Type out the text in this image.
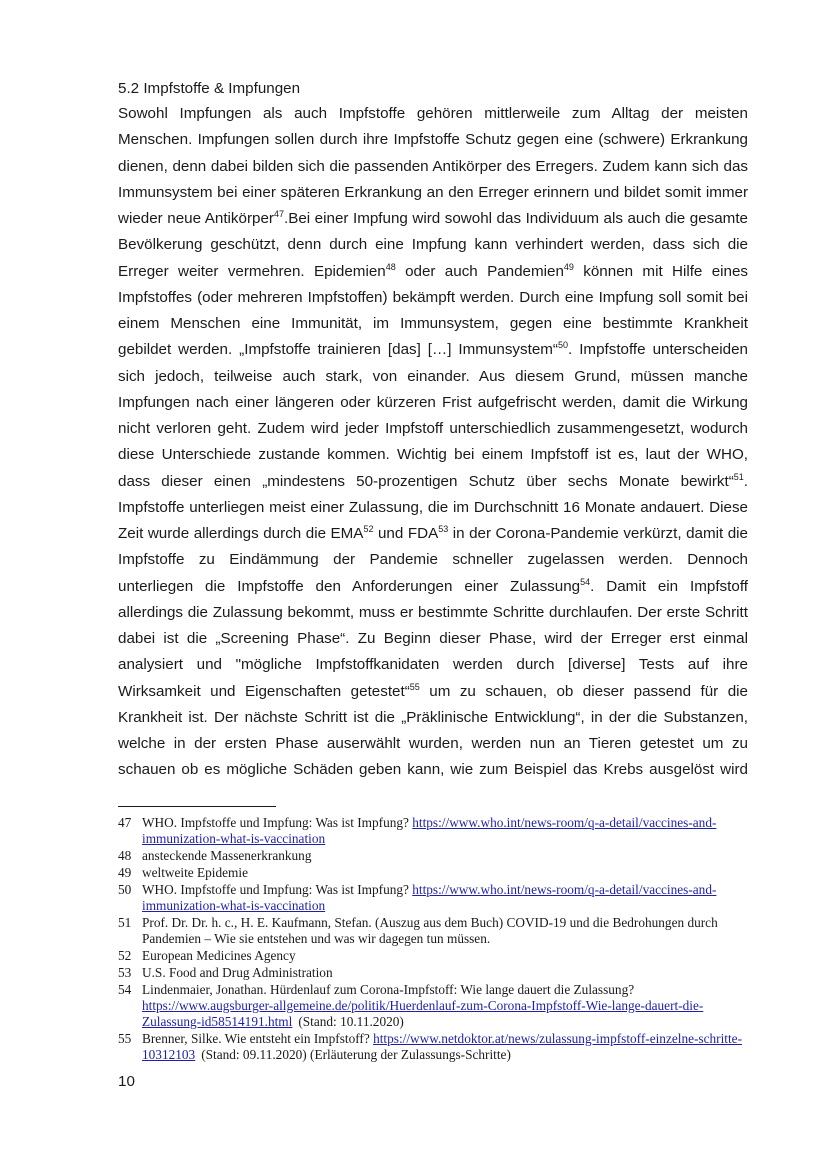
5.2 Impfstoffe & Impfungen
Sowohl Impfungen als auch Impfstoffe gehören mittlerweile zum Alltag der meisten
Menschen. Impfungen sollen durch ihre Impfstoffe Schutz gegen eine (schwere) Erkrankung
dienen, denn dabei bilden sich die passenden Antikörper des Erregers. Zudem kann sich das
Immunsystem bei einer späteren Erkrankung an den Erreger erinnern und bildet somit immer
wieder neue Antikörper$^{47}$.Bei einer Impfung wird sowohl das Individuum als auch die gesamte
Bevölkerung geschützt, denn durch eine Impfung kann verhindert werden, dass sich die
Erreger weiter vermehren. Epidemien$^{48}$ oder auch Pandemien$^{49}$ können mit Hilfe eines
Impfstoffes (oder mehreren Impfstoffen) bekämpft werden. Durch eine Impfung soll somit bei
einem Menschen eine Immunität, im Immunsystem, gegen eine bestimmte Krankheit
gebildet werden. „Impfstoffe trainieren [das] […] Immunsystem“$^{50}$. Impfstoffe unterscheiden
sich jedoch, teilweise auch stark, von einander. Aus diesem Grund, müssen manche
Impfungen nach einer längeren oder kürzeren Frist aufgefrischt werden, damit die Wirkung
nicht verloren geht. Zudem wird jeder Impfstoff unterschiedlich zusammengesetzt, wodurch
diese Unterschiede zustande kommen. Wichtig bei einem Impfstoff ist es, laut der WHO,
dass dieser einen „mindestens 50-prozentigen Schutz über sechs Monate bewirkt“$^{51}$.
Impfstoffe unterliegen meist einer Zulassung, die im Durchschnitt 16 Monate andauert. Diese
Zeit wurde allerdings durch die EMA$^{52}$ und FDA$^{53}$ in der Corona-Pandemie verkürzt, damit die
Impfstoffe zu Eindämmung der Pandemie schneller zugelassen werden. Dennoch
unterliegen die Impfstoffe den Anforderungen einer Zulassung$^{54}$. Damit ein Impfstoff
allerdings die Zulassung bekommt, muss er bestimmte Schritte durchlaufen. Der erste Schritt
dabei ist die „Screening Phase“. Zu Beginn dieser Phase, wird der Erreger erst einmal
analysiert und "mögliche Impfstoffkanidaten werden durch [diverse] Tests auf ihre
Wirksamkeit und Eigenschaften getestet“$^{55}$ um zu schauen, ob dieser passend für die
Krankheit ist. Der nächste Schritt ist die „Präklinische Entwicklung“, in der die Substanzen,
welche in der ersten Phase auserwählt wurden, werden nun an Tieren getestet um zu
schauen ob es mögliche Schäden geben kann, wie zum Beispiel das Krebs ausgelöst wird
47 WHO. Impfstoffe und Impfung: Was ist Impfung? https://www.who.int/news-room/q-a-detail/vaccines-and-immunization-what-is-vaccination
48 ansteckende Massenerkrankung
49 weltweite Epidemie
50 WHO. Impfstoffe und Impfung: Was ist Impfung? https://www.who.int/news-room/q-a-detail/vaccines-and-immunization-what-is-vaccination
51 Prof. Dr. Dr. h. c., H. E. Kaufmann, Stefan. (Auszug aus dem Buch) COVID-19 und die Bedrohungen durch Pandemien – Wie sie entstehen und was wir dagegen tun müssen.
52 European Medicines Agency
53 U.S. Food and Drug Administration
54 Lindenmaier, Jonathan. Hürdenlauf zum Corona-Impfstoff: Wie lange dauert die Zulassung? https://www.augsburger-allgemeine.de/politik/Huerdenlauf-zum-Corona-Impfstoff-Wie-lange-dauert-die-Zulassung-id58514191.html (Stand: 10.11.2020)
55 Brenner, Silke. Wie entsteht ein Impfstoff? https://www.netdoktor.at/news/zulassung-impfstoff-einzelne-schritte-10312103 (Stand: 09.11.2020) (Erläuterung der Zulassungs-Schritte)
10
